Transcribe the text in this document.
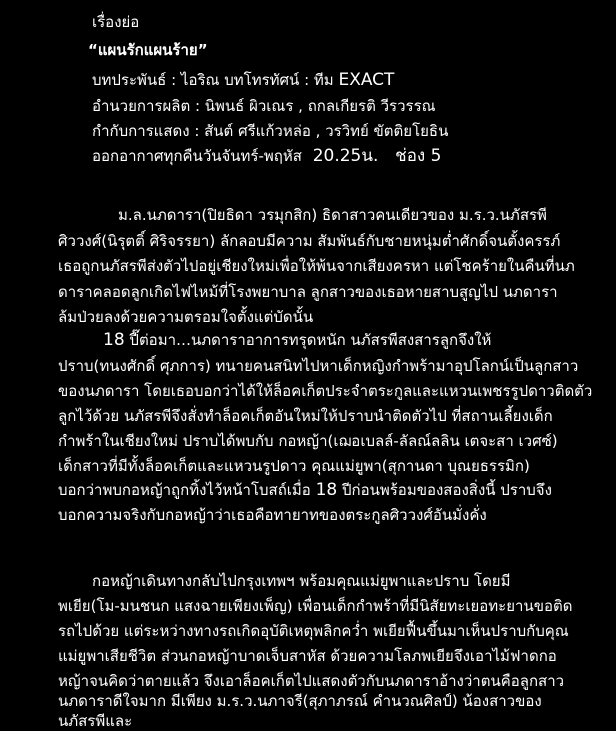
เรื่องย่อ
“แผนรักแผนร้าย”
บทประพันธ์ : ไอริณ บทโทรทัศน์ : ทีม EXACT
อำนวยการผลิต : นิพนธ์ ผิวเณร , ถกลเกียรติ วีรวรรณ
กำกับการแสดง : สันต์ ศรีแก้วหล่อ , วรวิทย์ ขัตติยโยธิน
ออกอากาศทุกคืนวันจันทร์-พฤหัส 20.25น. ช่อง 5
ม.ล.นภดารา(ปิยธิดา วรมุกสิก) ธิดาสาวคนเดียวของ ม.ร.ว.นภัสรพี
ศิววงศ์(นิรุตติ์ ศิริจรรยา) ลักลอบมีความ สัมพันธ์กับชายหนุ่มต่ำศักดิ์จนตั้งครรภ์
เธอถูกนภัสรพีส่งตัวไปอยู่เชียงใหม่เพื่อให้พ้นจากเสียงครหา แต่โชคร้ายในคืนที่นภ
ดาราคลอดลูกเกิดไฟไหม้ที่โรงพยาบาล ลูกสาวของเธอหายสาบสูญไป นภดารา
ล้มป่วยลงด้วยความตรอมใจตั้งแต่บัดนั้น
18 ปี๊ต่อมา…นภดาราอาการทรุดหนัก นภัสรพีสงสารลูกจึงให้
ปราบ(ทนงศักดิ์ ศุภการ) ทนายคนสนิทไปหาเด็กหญิงกำพร้ามาอุปโลกน์เป็นลูกสาว
ของนภดารา โดยเธอบอกว่าได้ให้ล็อคเก็ตประจำตระกูลและแหวนเพชรรูปดาวติดตัว
ลูกไว้ด้วย นภัสรพีจึงสั่งทำล็อคเก็ตอันใหม่ให้ปราบนำติดตัวไป ที่สถานเลี้ยงเด็ก
กำพร้าในเชียงใหม่ ปราบได้พบกับ กอหญ้า(เฌอเบลล์-ลัลณ์ลลิน เตจะสา เวศซ์)
เด็กสาวที่มีทั้งล็อคเก็ตและแหวนรูปดาว คุณแม่ยูพา(สุกานดา บุณยธรรมิก)
บอกว่าพบกอหญ้าถูกทิ้งไว้หน้าโบสถ์เมื่อ 18 ปีก่อนพร้อมของสองสิ่งนี้ ปราบจึง
บอกความจริงกับกอหญ้าว่าเธอคือทายาทของตระกูลศิววงศ์อันมั่งคั่ง
กอหญ้าเดินทางกลับไปกรุงเทพฯ พร้อมคุณแม่ยูพาและปราบ โดยมี
พเยีย(โม-มนชนก แสงฉายเพียงเพ็ญ) เพื่อนเด็กกำพร้าที่มีนิสัยทะเยอทะยานขอติด
รถไปด้วย แต่ระหว่างทางรถเกิดอุบัติเหตุพลิกคว่ำ พเยียฟื้นขึ้นมาเห็นปราบกับคุณ
แม่ยูพาเสียชีวิต ส่วนกอหญ้าบาดเจ็บสาหัส ด้วยความโลภพเยียจึงเอาไม้ฟาดกอ
หญ้าจนคิดว่าตายแล้ว จึงเอาล็อคเก็ตไปแสดงตัวกับนภดาราอ้างว่าตนคือลูกสาว
นภดาราดีใจมาก มีเพียง ม.ร.ว.นภาจรี(สุภาภรณ์ คำนวณศิลป์) น้องสาวของ
นภัสรพีและ
